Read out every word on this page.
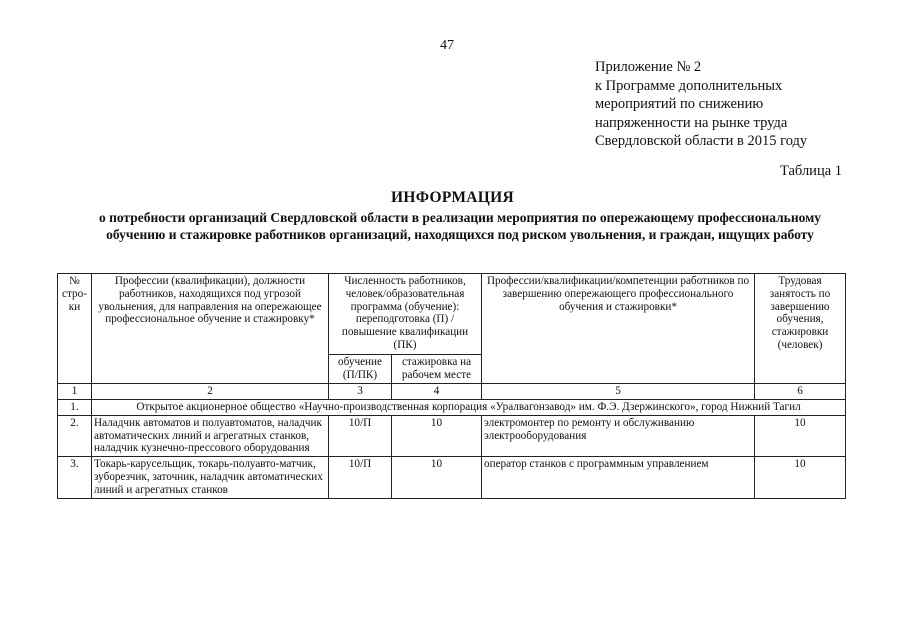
47
Приложение № 2
к Программе дополнительных
мероприятий по снижению
напряженности на рынке труда
Свердловской области в 2015 году
Таблица 1
ИНФОРМАЦИЯ
о потребности организаций Свердловской области в реализации мероприятия по опережающему профессиональному
обучению и стажировке работников организаций, находящихся под риском увольнения, и граждан, ищущих работу
№ стро- ки	Профессии (квалификации), должности работников, находящихся под угрозой увольнения, для направления на опережающее профессиональное обучение и стажировку*	Численность работников, человек/образовательная программа (обучение): переподготовка (П) /повышение квалификации (ПК)		Профессии/квалификации/компетенции работников по завершению опережающего профессионального обучения и стажировки*	Трудовая занятость по завершению обучения, стажировки (человек)
		обучение (П/ПК)	стажировка на рабочем месте		
1	2	3	4	5	6
1.	Открытое акционерное общество «Научно-производственная корпорация «Уралвагонзавод» им. Ф.Э. Дзержинского», город Нижний Тагил				
2.	Наладчик автоматов и полуавтоматов, наладчик автоматических линий и агрегатных станков, наладчик кузнечно-прессового оборудования	10/П	10	электромонтер по ремонту и обслуживанию электрооборудования	10
3.	Токарь-карусельщик, токарь-полуавто-матчик, зуборезчик, заточник, наладчик автоматических линий и агрегатных станков	10/П	10	оператор станков с программным управлением	10
